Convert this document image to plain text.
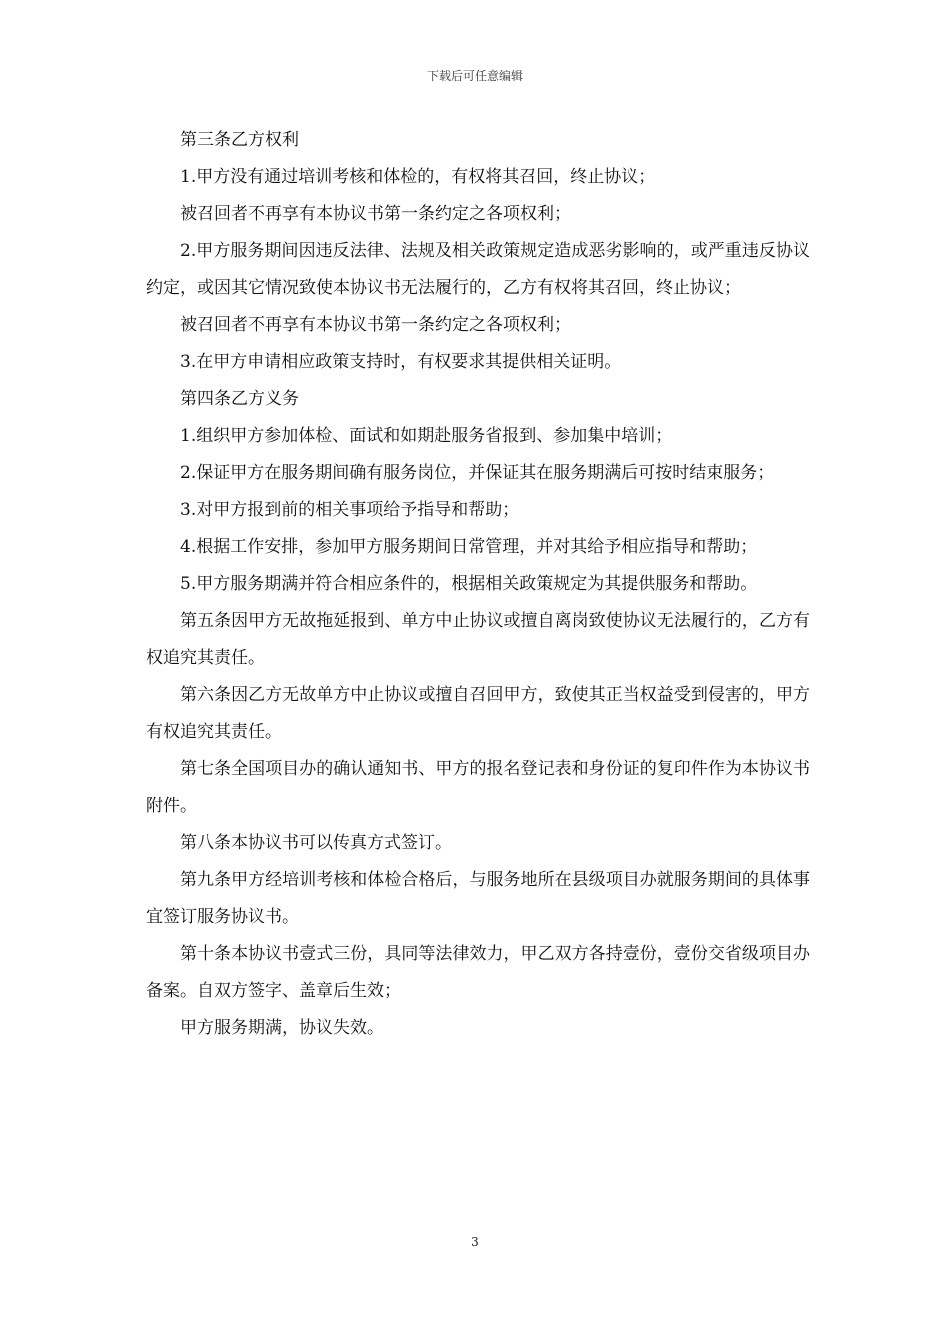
下载后可任意编辑

第三条乙方权利

1.甲方没有通过培训考核和体检的，有权将其召回，终止协议；

被召回者不再享有本协议书第一条约定之各项权利；

2.甲方服务期间因违反法律、法规及相关政策规定造成恶劣影响的，或严重违反协议约定，或因其它情况致使本协议书无法履行的，乙方有权将其召回，终止协议；

被召回者不再享有本协议书第一条约定之各项权利；

3.在甲方申请相应政策支持时，有权要求其提供相关证明。

第四条乙方义务

1.组织甲方参加体检、面试和如期赴服务省报到、参加集中培训；

2.保证甲方在服务期间确有服务岗位，并保证其在服务期满后可按时结束服务；

3.对甲方报到前的相关事项给予指导和帮助；

4.根据工作安排，参加甲方服务期间日常管理，并对其给予相应指导和帮助；

5.甲方服务期满并符合相应条件的，根据相关政策规定为其提供服务和帮助。

第五条因甲方无故拖延报到、单方中止协议或擅自离岗致使协议无法履行的，乙方有权追究其责任。

第六条因乙方无故单方中止协议或擅自召回甲方，致使其正当权益受到侵害的，甲方有权追究其责任。

第七条全国项目办的确认通知书、甲方的报名登记表和身份证的复印件作为本协议书附件。

第八条本协议书可以传真方式签订。

第九条甲方经培训考核和体检合格后，与服务地所在县级项目办就服务期间的具体事宜签订服务协议书。

第十条本协议书壹式三份，具同等法律效力，甲乙双方各持壹份，壹份交省级项目办备案。自双方签字、盖章后生效；

甲方服务期满，协议失效。

3
